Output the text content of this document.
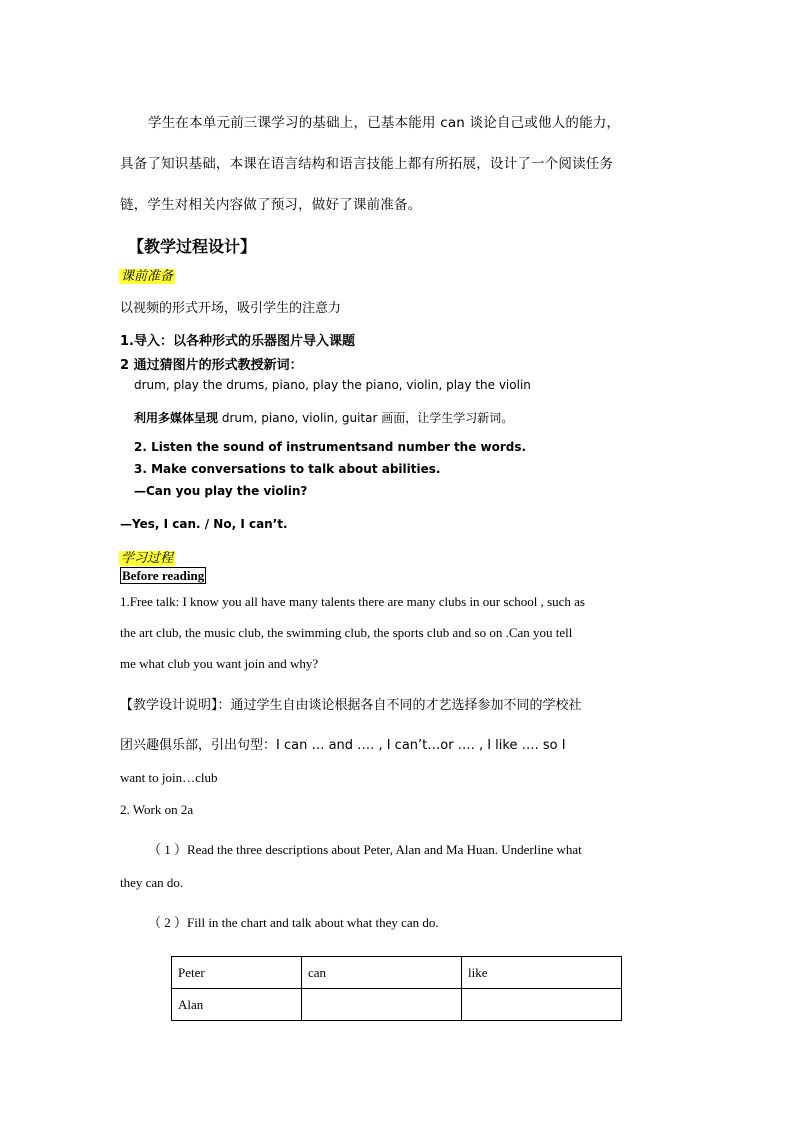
学生在本单元前三课学习的基础上，已基本能用 can 谈论自己或他人的能力，
具备了知识基础，本课在语言结构和语言技能上都有所拓展，设计了一个阅读任务
链，学生对相关内容做了预习，做好了课前准备。
【教学过程设计】
课前准备
以视频的形式开场，吸引学生的注意力
1.导入：以各种形式的乐器图片导入课题
2 通过猜图片的形式教授新词：
drum, play the drums, piano, play the piano, violin, play the violin
利用多媒体呈现 drum, piano, violin, guitar 画面，让学生学习新词。
2. Listen the sound of instrumentsand number the words.
3. Make conversations to talk about abilities.
—Can you play the violin?
—Yes, I can. / No, I can’t.
学习过程
Before reading
1.Free talk: I know you all have many talents there are many clubs in our school , such as
the art club, the music club, the swimming club, the sports club and so on .Can you tell
me what club you want join and why?
【教学设计说明】：通过学生自由谈论根据各自不同的才艺选择参加不同的学校社
团兴趣俱乐部，引出句型：I can … and …. , I can’t…or …. , I like …. so I
want to join…club
2. Work on 2a
（ 1 ）Read the three descriptions about Peter, Alan and Ma Huan. Underline what
they can do.
（ 2 ）Fill in the chart and talk about what they can do.
Peter	can	like
Alan		
